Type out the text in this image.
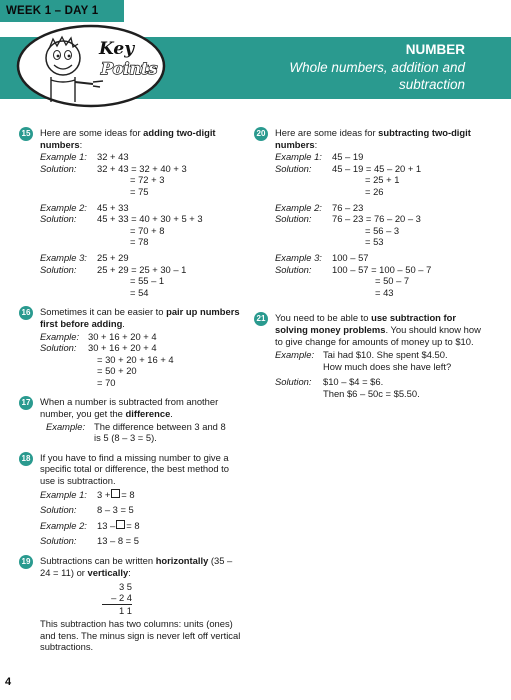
WEEK 1 – DAY 1
NUMBER
Whole numbers, addition and subtraction
Key
Points
15 Here are some ideas for adding two-digit numbers:
Example 1:	32 + 43
Solution:	32 + 43 = 32 + 40 + 3
= 72 + 3
= 75
Example 2:	45 + 33
Solution:	45 + 33 = 40 + 30 + 5 + 3
= 70 + 8
= 78
Example 3:	25 + 29
Solution:	25 + 29 = 25 + 30 – 1
= 55 – 1
= 54
16 Sometimes it can be easier to pair up numbers first before adding.
Example: 30 + 16 + 20 + 4
Solution:	30 + 16 + 20 + 4
= 30 + 20 + 16 + 4
= 50 + 20
= 70
17 When a number is subtracted from another number, you get the difference.
Example: The difference between 3 and 8
is 5 (8 – 3 = 5).
18 If you have to find a missing number to give a specific total or difference, the best method to use is subtraction.
Example 1:	3 + = 8
Solution:	8 – 3 = 5
Example 2:	13 – = 8
Solution:	13 – 8 = 5
19 Subtractions can be written horizontally (35 – 24 = 11) or vertically:
3 5
– 2 4
1 1
This subtraction has two columns: units (ones) and tens. The minus sign is never left off vertical subtractions.
20 Here are some ideas for subtracting two-digit numbers:
Example 1:	45 – 19
Solution:	45 – 19 = 45 – 20 + 1
= 25 + 1
= 26
Example 2:	76 – 23
Solution:	76 – 23 = 76 – 20 – 3
= 56 – 3
= 53
Example 3:	100 – 57
Solution:	100 – 57 = 100 – 50 – 7
= 50 – 7
= 43
21 You need to be able to use subtraction for solving money problems. You should know how to give change for amounts of money up to $10.
Example: Tai had $10. She spent $4.50.
How much does she have left?
Solution:	$10 – $4 = $6.
Then $6 – 50c = $5.50.
4
